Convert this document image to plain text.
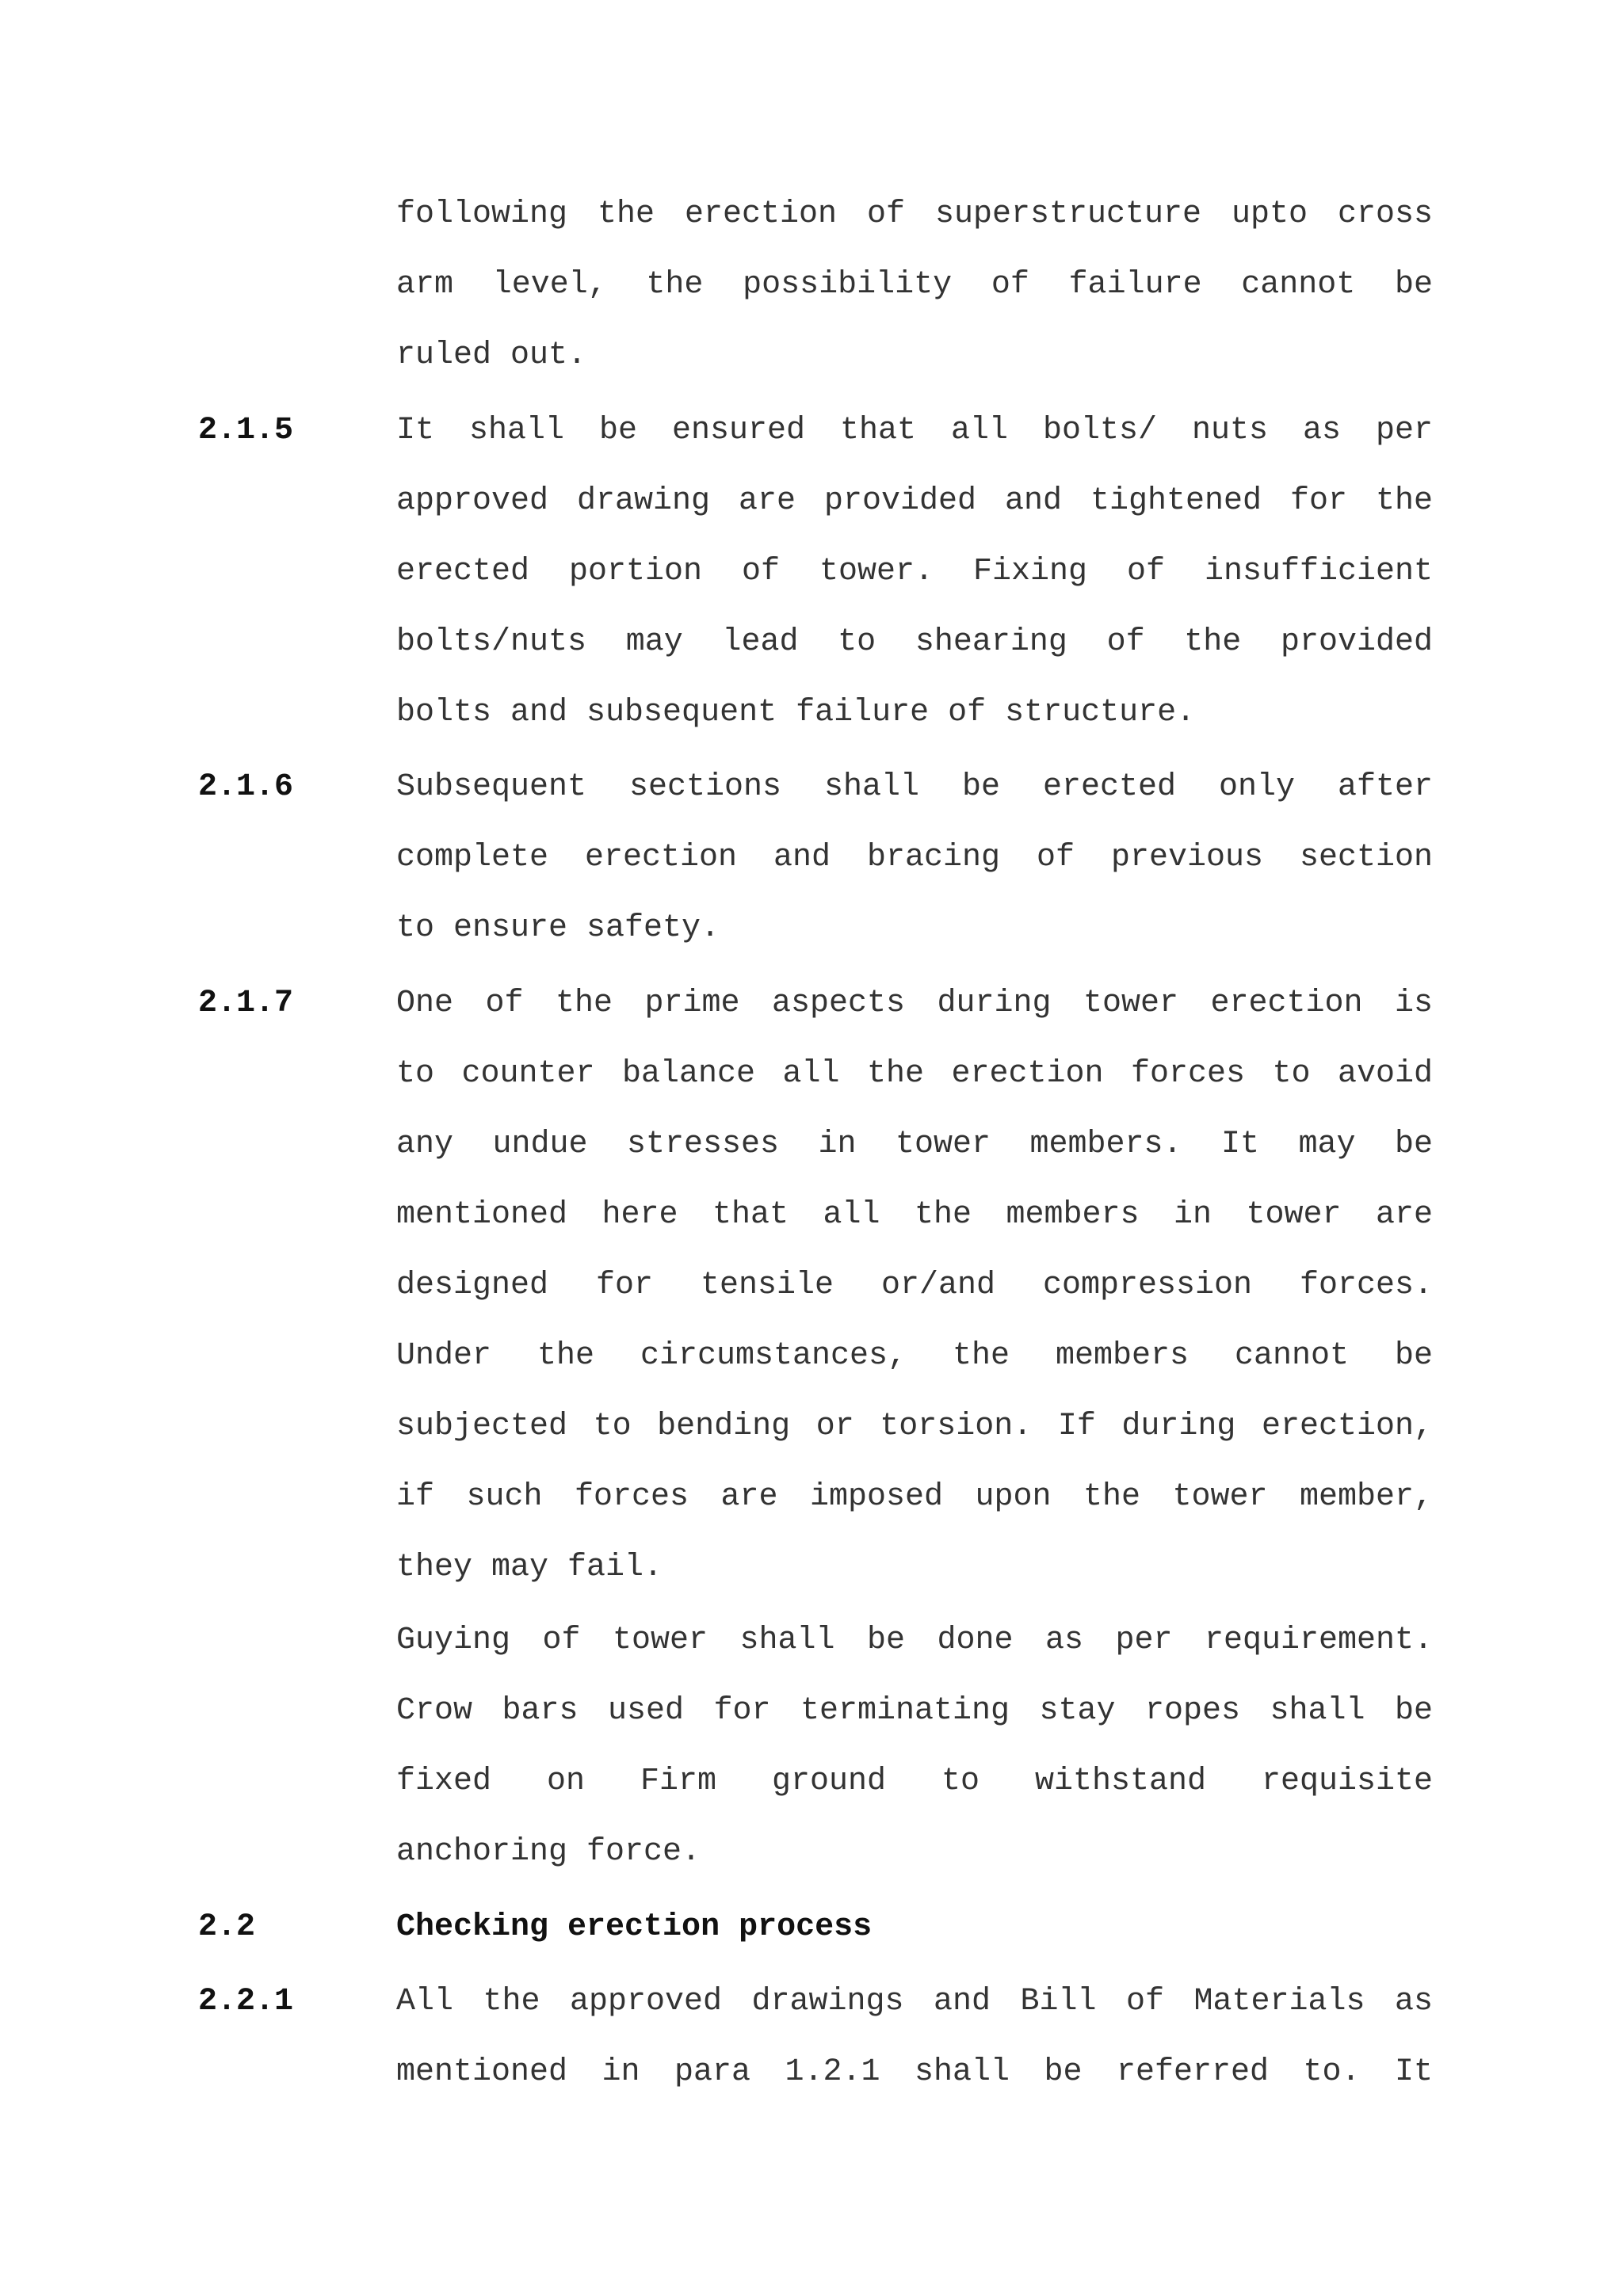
following the erection of superstructure upto cross
arm level, the possibility of failure cannot be
ruled out.
2.1.5	It shall be ensured that all bolts/ nuts as per
approved drawing are provided and tightened for the
erected portion of tower. Fixing of insufficient
bolts/nuts may lead to shearing of the provided
bolts and subsequent failure of structure.
2.1.6	Subsequent sections shall be erected only after
complete erection and bracing of previous section
to ensure safety.
2.1.7	One of the prime aspects during tower erection is
to counter balance all the erection forces to avoid
any undue stresses in tower members. It may be
mentioned here that all the members in tower are
designed for tensile or/and compression forces.
Under the circumstances, the members cannot be
subjected to bending or torsion. If during erection,
if such forces are imposed upon the tower member,
they may fail.
Guying of tower shall be done as per requirement.
Crow bars used for terminating stay ropes shall be
fixed on Firm ground to withstand requisite
anchoring force.
2.2	Checking erection process
2.2.1	All the approved drawings and Bill of Materials as
mentioned in para 1.2.1 shall be referred to. It
